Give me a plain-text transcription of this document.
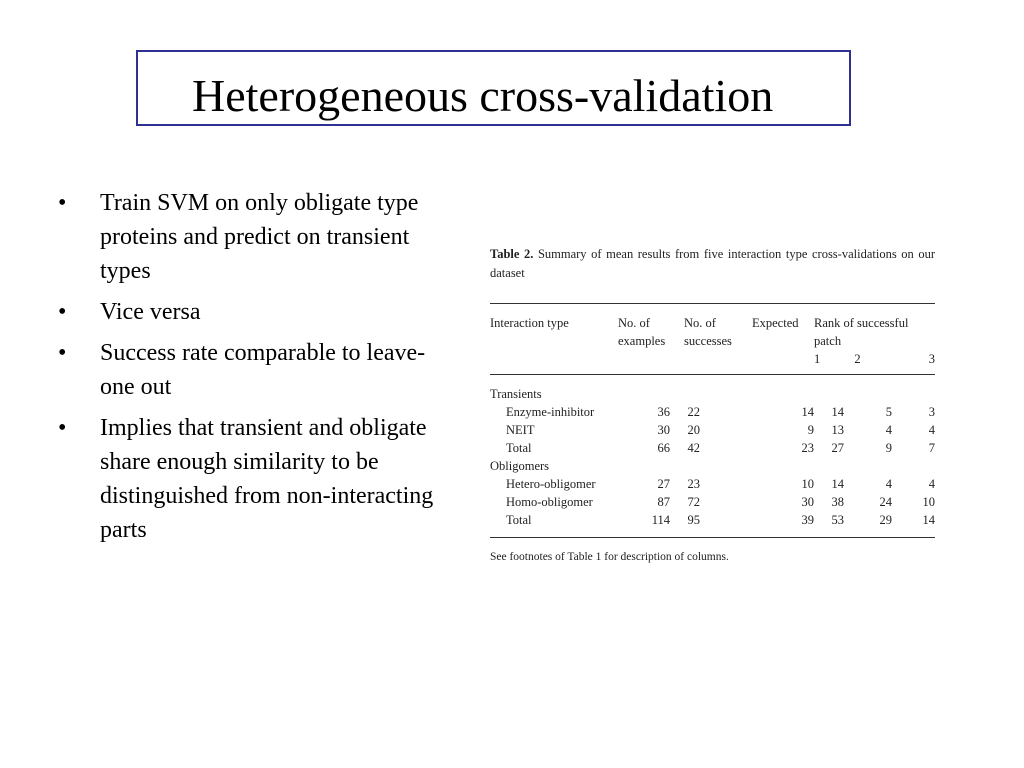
Heterogeneous cross-validation
• Train SVM on only obligate type proteins and predict on transient types
• Vice versa
• Success rate comparable to leave-one out
• Implies that transient and obligate share enough similarity to be distinguished from non-interacting parts
Table 2. Summary of mean results from five interaction type cross-validations on our dataset
Interaction type	No. of	No. of	Expected	Rank of successful		
	examples	successes		patch		
				1	2	3
Transients						
Enzyme-inhibitor	36	22	14	14	5	3
NEIT	30	20	9	13	4	4
Total	66	42	23	27	9	7
Obligomers						
Hetero-obligomer	27	23	10	14	4	4
Homo-obligomer	87	72	30	38	24	10
Total	114	95	39	53	29	14
See footnotes of Table 1 for description of columns.
